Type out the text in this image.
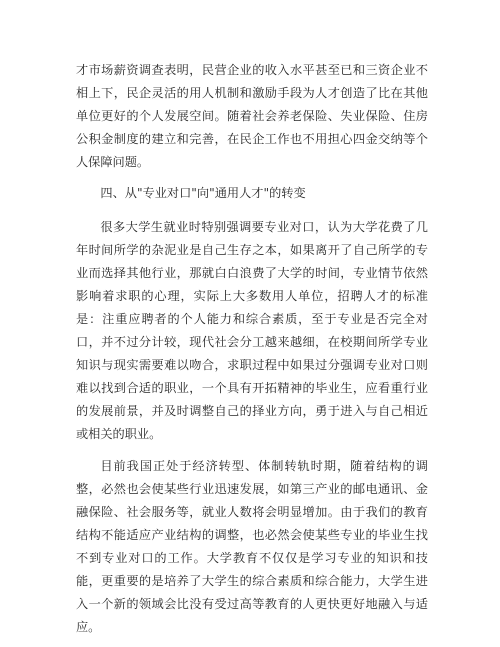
才市场薪资调查表明，民营企业的收入水平甚至已和三资企业不相上下，民企灵活的用人机制和激励手段为人才创造了比在其他单位更好的个人发展空间。随着社会养老保险、失业保险、住房公积金制度的建立和完善，在民企工作也不用担心四金交纳等个人保障问题。

四、从"专业对口"向"通用人才"的转变

很多大学生就业时特别强调要专业对口，认为大学花费了几年时间所学的杂泥业是自己生存之本，如果离开了自己所学的专业而选择其他行业，那就白白浪费了大学的时间，专业情节依然影响着求职的心理，实际上大多数用人单位，招聘人才的标准是：注重应聘者的个人能力和综合素质，至于专业是否完全对口，并不过分计较，现代社会分工越来越细，在校期间所学专业知识与现实需要难以吻合，求职过程中如果过分强调专业对口则难以找到合适的职业，一个具有开拓精神的毕业生，应看重行业的发展前景，并及时调整自己的择业方向，勇于进入与自己相近或相关的职业。

目前我国正处于经济转型、体制转轨时期，随着结构的调整，必然也会使某些行业迅速发展，如第三产业的邮电通讯、金融保险、社会服务等，就业人数将会明显增加。由于我们的教育结构不能适应产业结构的调整，也必然会使某些专业的毕业生找不到专业对口的工作。大学教育不仅仅是学习专业的知识和技能，更重要的是培养了大学生的综合素质和综合能力，大学生进入一个新的领域会比没有受过高等教育的人更快更好地融入与适应。
